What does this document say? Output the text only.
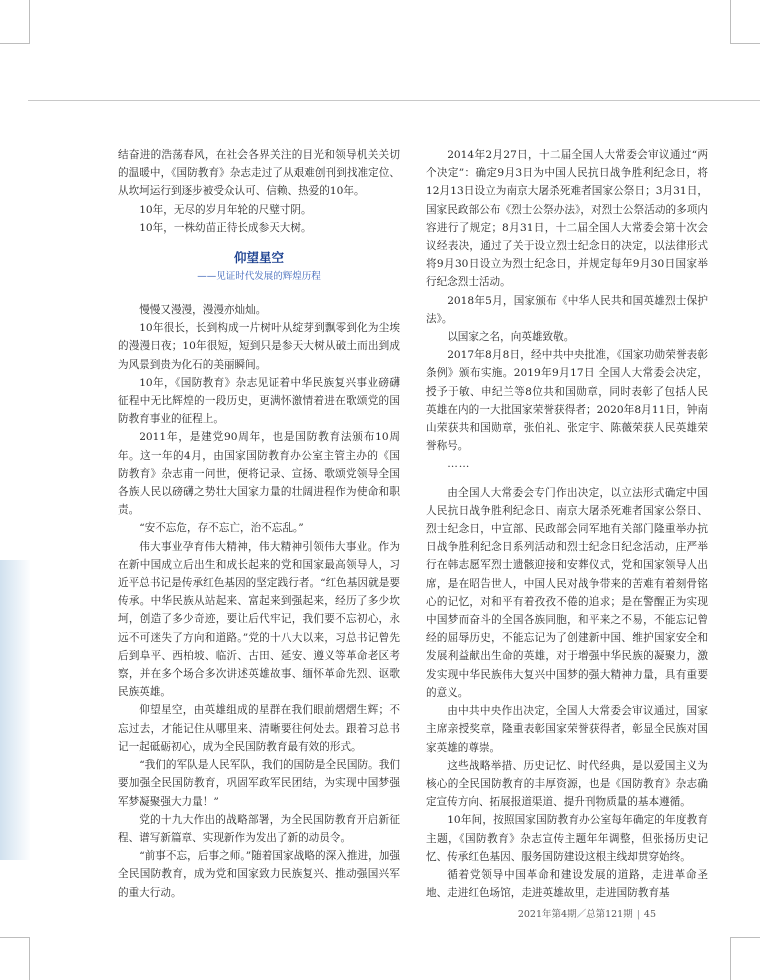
结奋进的浩荡春风，在社会各界关注的目光和领导机关关切的温暖中，《国防教育》杂志走过了从艰难创刊到找准定位、从坎坷运行到逐步被受众认可、信赖、热爱的10年。

10年，无尽的岁月年轮的尺璧寸阴。

10年，一株幼苗正待长成参天大树。

仰望星空
——见证时代发展的辉煌历程

慢慢又漫漫，漫漫亦灿灿。

10年很长，长到构成一片树叶从绽芽到飘零到化为尘埃的漫漫日夜；10年很短，短到只是参天大树从破土而出到成为风景到贵为化石的美丽瞬间。

10年，《国防教育》杂志见证着中华民族复兴事业磅礴征程中无比辉煌的一段历史，更满怀激情着进在歌颂党的国防教育事业的征程上。

2011年，是建党90周年，也是国防教育法颁布10周年。这一年的4月，由国家国防教育办公室主管主办的《国防教育》杂志甫一问世，便将记录、宣扬、歌颂党领导全国各族人民以磅礴之势壮大国家力量的壮阔进程作为使命和职责。

“安不忘危，存不忘亡，治不忘乱。”

伟大事业孕育伟大精神，伟大精神引领伟大事业。作为在新中国成立后出生和成长起来的党和国家最高领导人，习近平总书记是传承红色基因的坚定践行者。“红色基因就是要传承。中华民族从站起来、富起来到强起来，经历了多少坎坷，创造了多少奇迹，要让后代牢记，我们要不忘初心，永远不可迷失了方向和道路。”党的十八大以来，习总书记曾先后到阜平、西柏坡、临沂、古田、延安、遵义等革命老区考察，并在多个场合多次讲述英雄故事、缅怀革命先烈、讴歌民族英雄。

仰望星空，由英雄组成的星群在我们眼前熠熠生辉；不忘过去，才能记住从哪里来、清晰要往何处去。跟着习总书记一起砥砺初心，成为全民国防教育最有效的形式。

“我们的军队是人民军队，我们的国防是全民国防。我们要加强全民国防教育，巩固军政军民团结，为实现中国梦强军梦凝聚强大力量！”

党的十九大作出的战略部署，为全民国防教育开启新征程、谱写新篇章、实现新作为发出了新的动员令。

“前事不忘，后事之师。”随着国家战略的深入推进，加强全民国防教育，成为党和国家致力民族复兴、推动强国兴军的重大行动。

2014年2月27日，十二届全国人大常委会审议通过“两个决定”：确定9月3日为中国人民抗日战争胜利纪念日，将12月13日设立为南京大屠杀死难者国家公祭日；3月31日，国家民政部公布《烈士公祭办法》，对烈士公祭活动的多项内容进行了规定；8月31日，十二届全国人大常委会第十次会议经表决，通过了关于设立烈士纪念日的决定，以法律形式将9月30日设立为烈士纪念日，并规定每年9月30日国家举行纪念烈士活动。

2018年5月，国家颁布《中华人民共和国英雄烈士保护法》。

以国家之名，向英雄致敬。

2017年8月8日，经中共中央批准，《国家功勋荣誉表彰条例》颁布实施。2019年9月17日 全国人大常委会决定，授予于敏、申纪兰等8位共和国勋章，同时表彰了包括人民英雄在内的一大批国家荣誉获得者；2020年8月11日，钟南山荣获共和国勋章，张伯礼、张定宇、陈薇荣获人民英雄荣誉称号。

……

由全国人大常委会专门作出决定，以立法形式确定中国人民抗日战争胜利纪念日、南京大屠杀死难者国家公祭日、烈士纪念日，中宣部、民政部会同军地有关部门隆重举办抗日战争胜利纪念日系列活动和烈士纪念日纪念活动，庄严举行在韩志愿军烈士遗骸迎接和安葬仪式，党和国家领导人出席，是在昭告世人，中国人民对战争带来的苦难有着刻骨铭心的记忆，对和平有着孜孜不倦的追求；是在警醒正为实现中国梦而奋斗的全国各族同胞，和平来之不易，不能忘记曾经的屈辱历史，不能忘记为了创建新中国、维护国家安全和发展利益献出生命的英雄，对于增强中华民族的凝聚力，激发实现中华民族伟大复兴中国梦的强大精神力量，具有重要的意义。

由中共中央作出决定，全国人大常委会审议通过，国家主席亲授奖章，隆重表彰国家荣誉获得者，彰显全民族对国家英雄的尊崇。

这些战略举措、历史记忆、时代经典，是以爱国主义为核心的全民国防教育的丰厚资源，也是《国防教育》杂志确定宣传方向、拓展报道渠道、提升刊物质量的基本遵循。

10年间，按照国家国防教育办公室每年确定的年度教育主题，《国防教育》杂志宣传主题年年调整，但张扬历史记忆、传承红色基因、服务国防建设这根主线却贯穿始终。

循着党领导中国革命和建设发展的道路，走进革命圣地、走进红色场馆，走进英雄故里，走进国防教育基

2021年第4期／总第121期 | 45
